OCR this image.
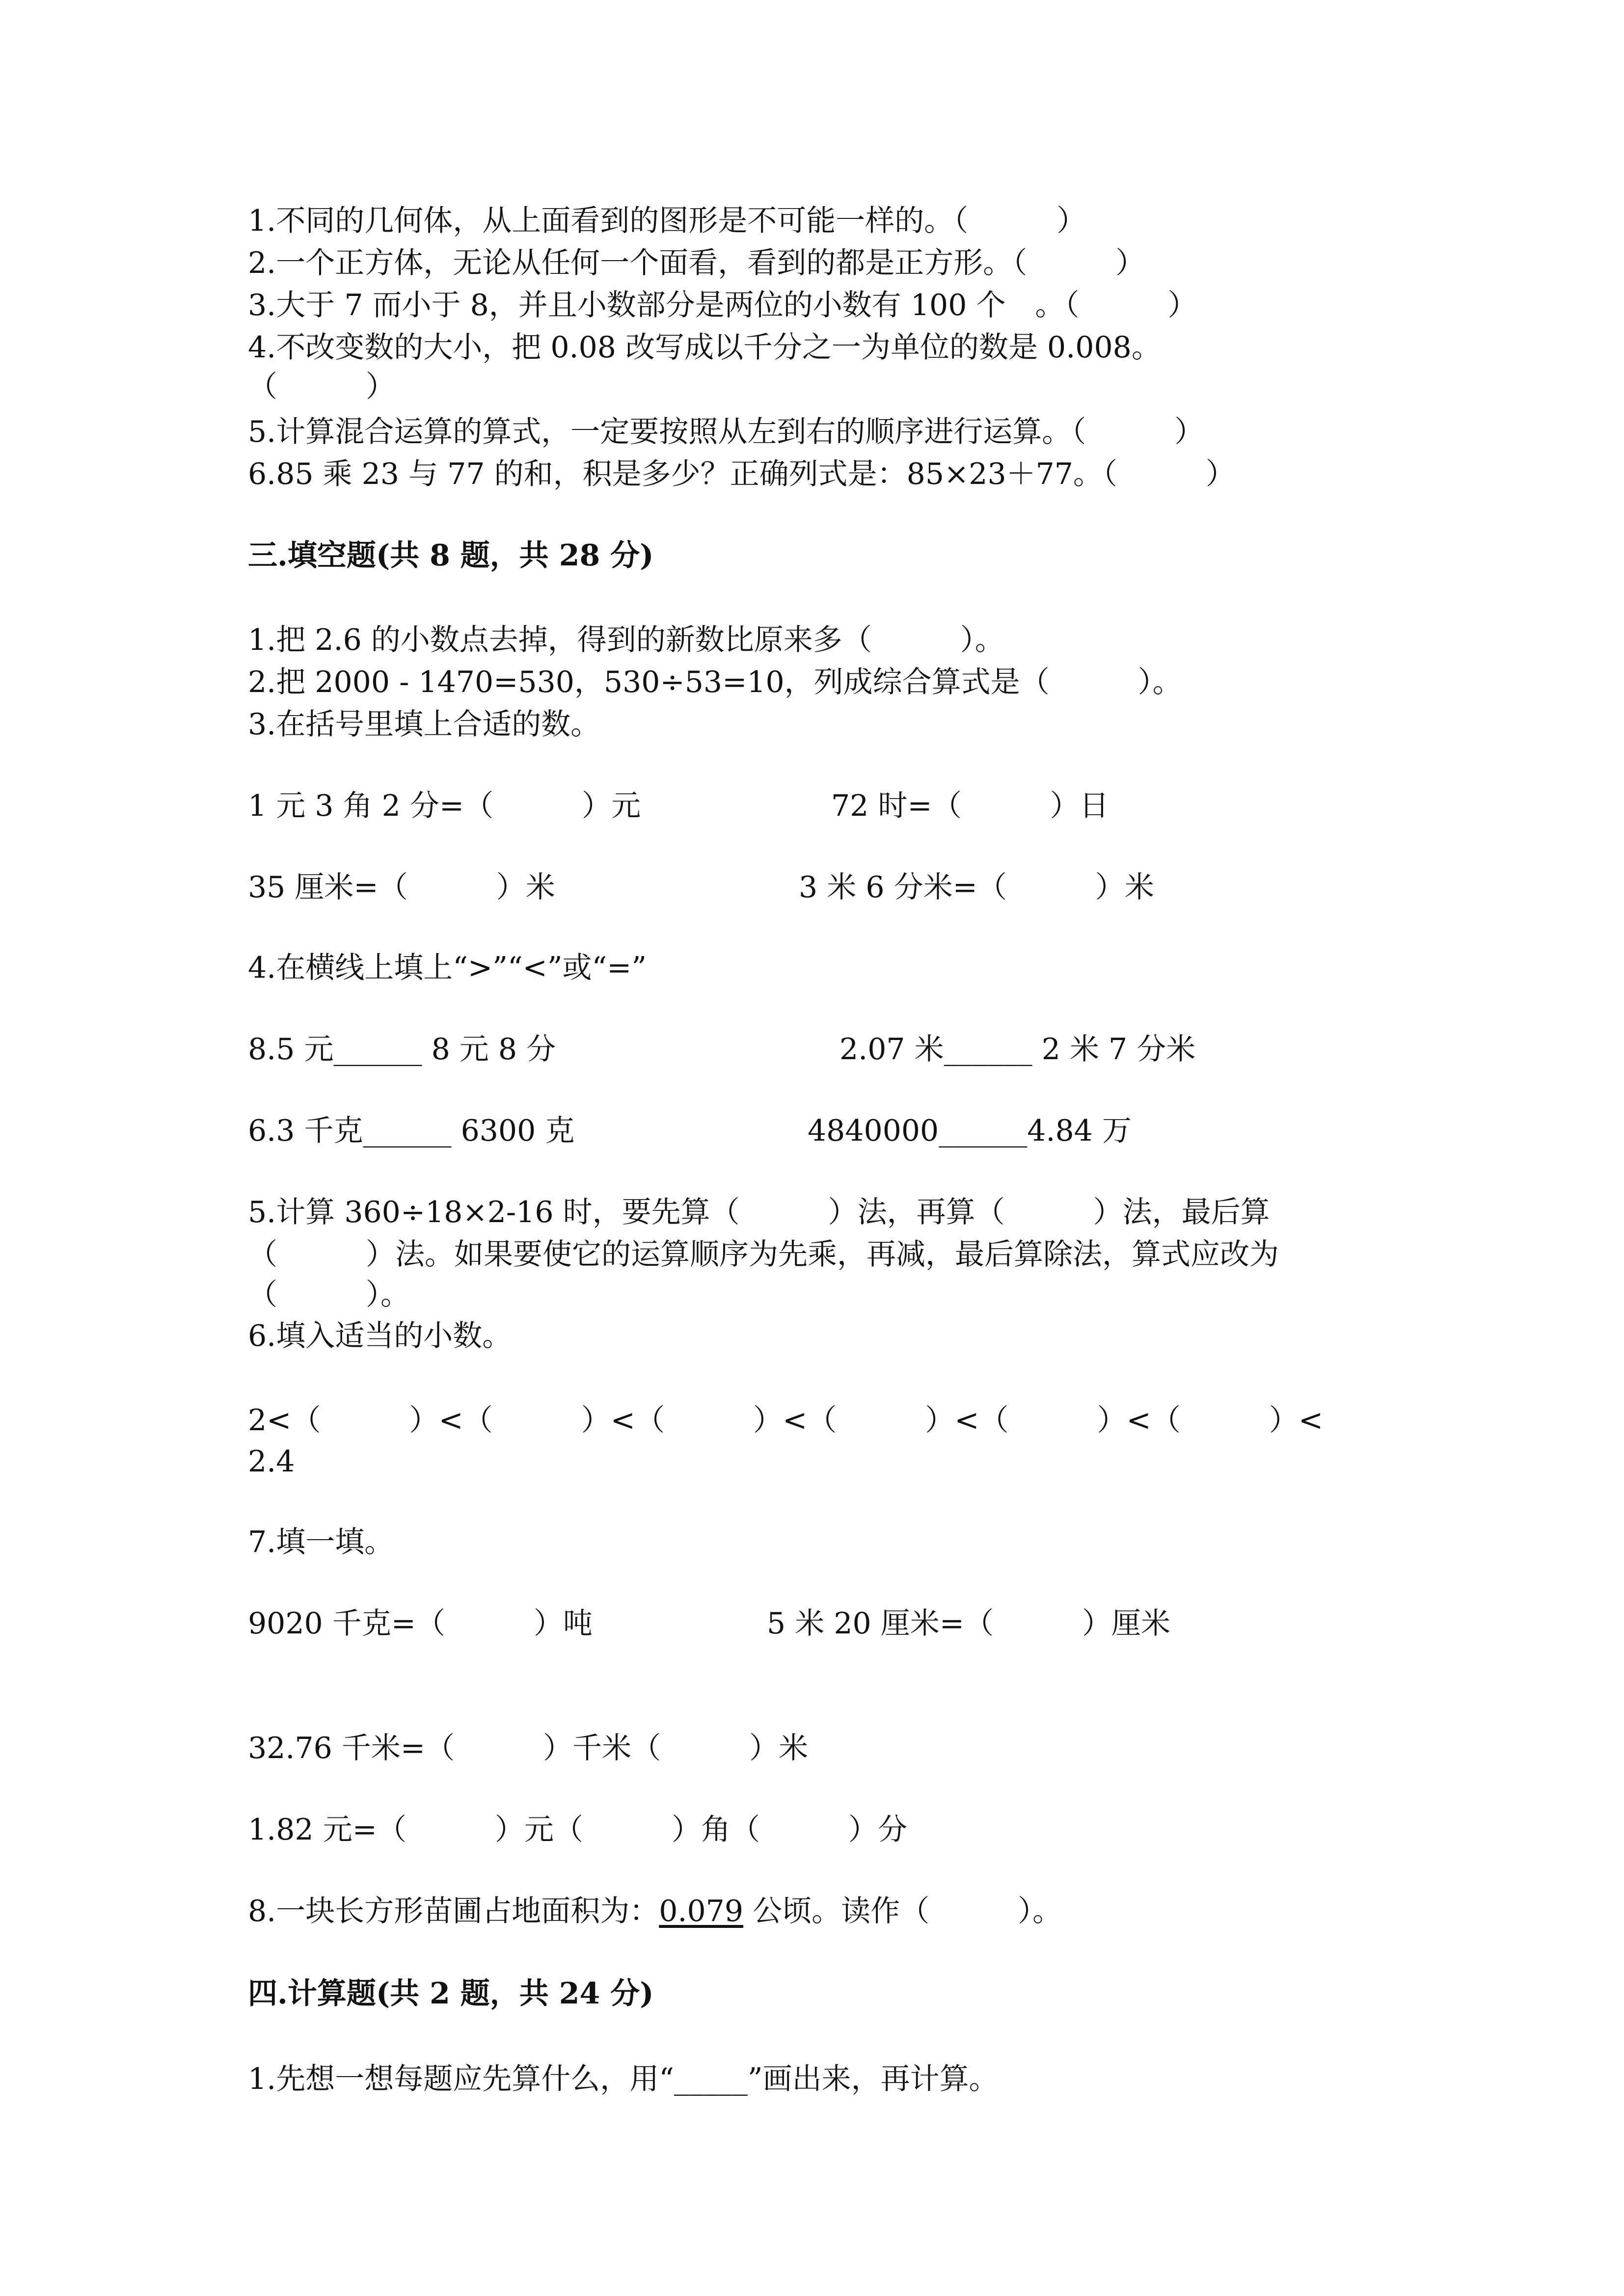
1.不同的几何体，从上面看到的图形是不可能一样的。（　　　）
2.一个正方体，无论从任何一个面看，看到的都是正方形。（　　　）
3.大于 7 而小于 8，并且小数部分是两位的小数有 100 个　。（　　　）
4.不改变数的大小，把 0.08 改写成以千分之一为单位的数是 0.008。
（　　　）
5.计算混合运算的算式，一定要按照从左到右的顺序进行运算。（　　　）
6.85 乘 23 与 77 的和，积是多少？正确列式是：85×23＋77。（　　　）
三.填空题(共 8 题，共 28 分)
1.把 2.6 的小数点去掉，得到的新数比原来多（　　　）。
2.把 2000 - 1470=530，530÷53=10，列成综合算式是（　　　）。
3.在括号里填上合适的数。
1 元 3 角 2 分=（　　　）元	72 时=（　　　）日
35 厘米=（　　　）米	3 米 6 分米=（　　　）米
4.在横线上填上“>”“<”或“=”
8.5 元______ 8 元 8 分	2.07 米______ 2 米 7 分米
6.3 千克______ 6300 克	4840000______4.84 万
5.计算 360÷18×2-16 时，要先算（　　　）法，再算（　　　）法，最后算
（　　　）法。如果要使它的运算顺序为先乘，再减，最后算除法，算式应改为
（　　　）。
6.填入适当的小数。
2<（　　　）<（　　　）<（　　　）<（　　　）<（　　　）<（　　　）<
2.4
7.填一填。
9020 千克=（　　　）吨	5 米 20 厘米=（　　　）厘米
32.76 千米=（　　　）千米（　　　）米
1.82 元=（　　　）元（　　　）角（　　　）分
8.一块长方形苗圃占地面积为：0.079 公顷。读作（　　　）。
四.计算题(共 2 题，共 24 分)
1.先想一想每题应先算什么，用“_____”画出来，再计算。
